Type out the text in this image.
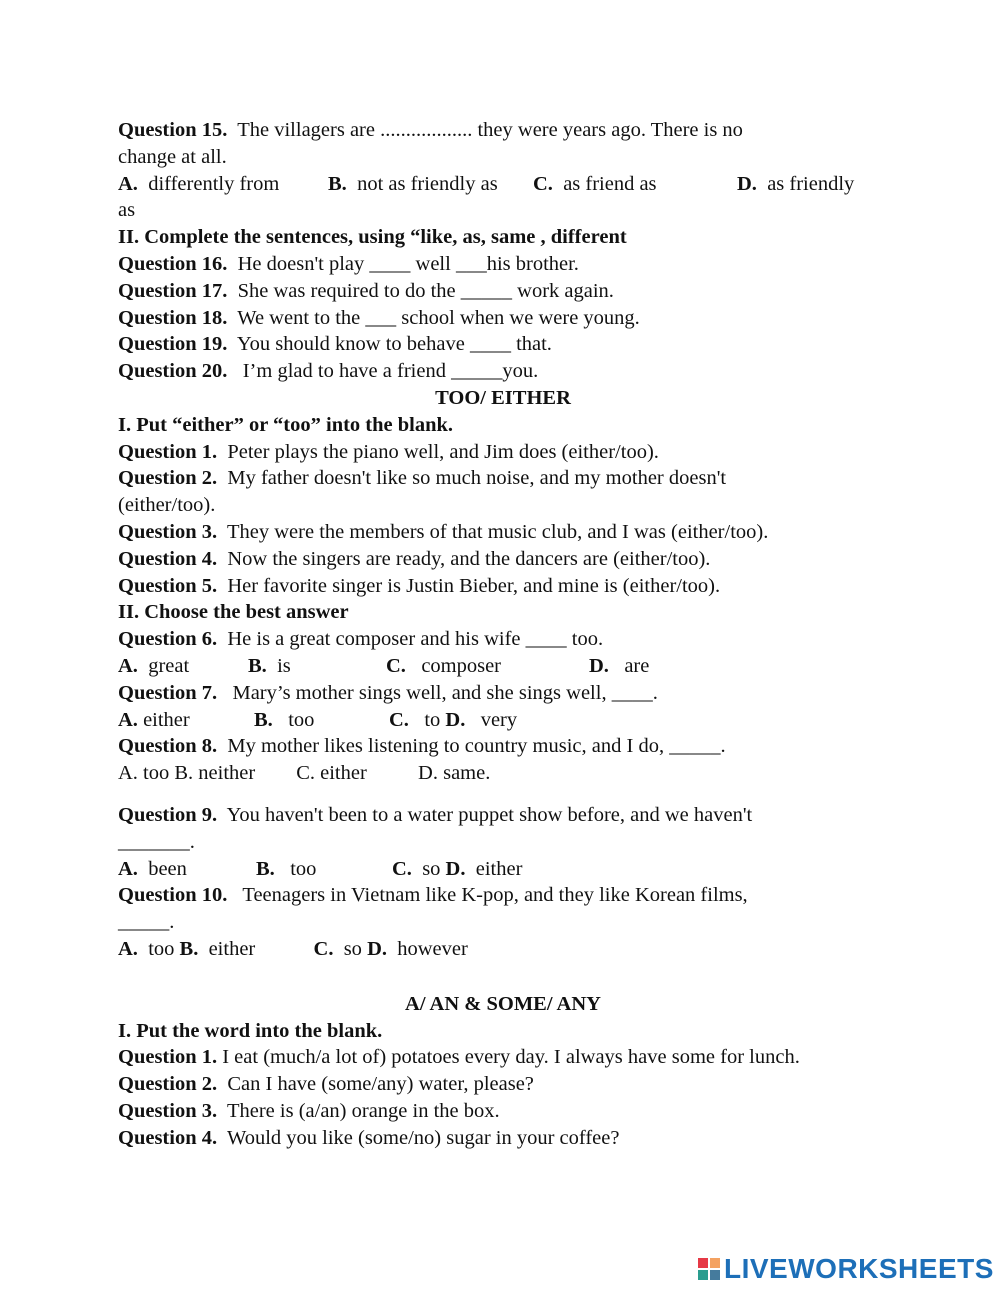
Question 15.  The villagers are .................. they were years ago. There is no
change at all.
A.  differently from B.  not as friendly as C.  as friend as	D.  as friendly
as
II. Complete the sentences, using “like, as, same , different
Question 16.  He doesn't play ____ well ___his brother.
Question 17.  She was required to do the _____ work again.
Question 18.  We went to the ___ school when we were young.
Question 19.  You should know to behave ____ that.
Question 20.   I’m glad to have a friend _____you.
TOO/ EITHER
I. Put “either” or “too” into the blank.
Question 1.  Peter plays the piano well, and Jim does (either/too).
Question 2.  My father doesn't like so much noise, and my mother doesn't
(either/too).
Question 3.  They were the members of that music club, and I was (either/too).
Question 4.  Now the singers are ready, and the dancers are (either/too).
Question 5.  Her favorite singer is Justin Bieber, and mine is (either/too).
II. Choose the best answer
Question 6.  He is a great composer and his wife ____ too.
A.  great	B.  is	C.   composer	D.   are
Question 7.   Mary’s mother sings well, and she sings well, ____.
A. either	B.   too	C.   to D.   very
Question 8.  My mother likes listening to country music, and I do, _____.
A. too B. neither        C. either          D. same.
Question 9.  You haven't been to a water puppet show before, and we haven't
_______.
A.  been	B.   too	C.  so D.  either
Question 10.   Teenagers in Vietnam like K-pop, and they like Korean films,
_____.
A.  too B.  either	C.  so D.  however
A/ AN & SOME/ ANY
I. Put the word into the blank.
Question 1. I eat (much/a lot of) potatoes every day. I always have some for lunch.
Question 2.  Can I have (some/any) water, please?
Question 3.  There is (a/an) orange in the box.
Question 4.  Would you like (some/no) sugar in your coffee?
LIVEWORKSHEETS
